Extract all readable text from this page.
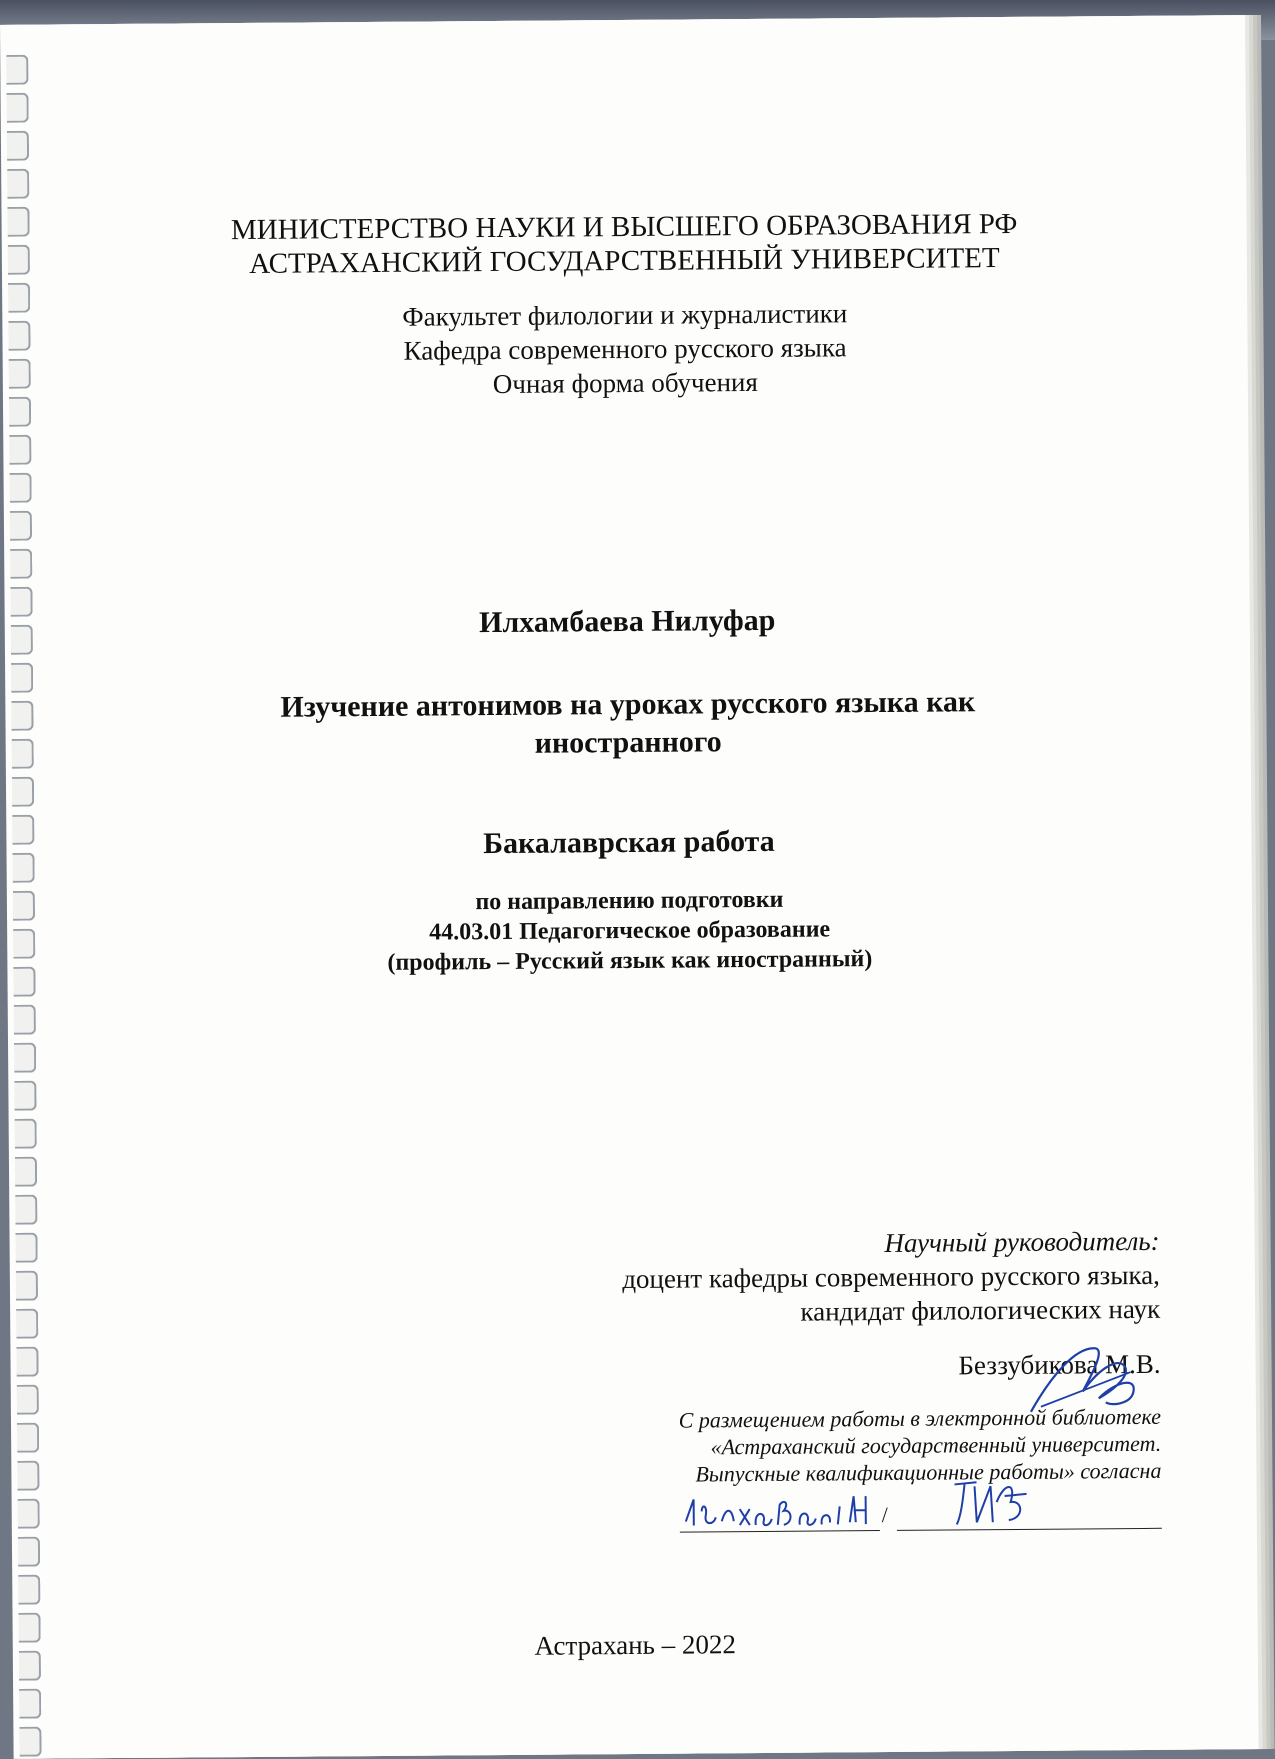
МИНИСТЕРСТВО НАУКИ И ВЫСШЕГО ОБРАЗОВАНИЯ РФ
АСТРАХАНСКИЙ ГОСУДАРСТВЕННЫЙ УНИВЕРСИТЕТ
Факультет филологии и журналистики
Кафедра современного русского языка
Очная форма обучения
Илхамбаева Нилуфар
Изучение антонимов на уроках русского языка как
иностранного
Бакалаврская работа
по направлению подготовки
44.03.01 Педагогическое образование
(профиль – Русский язык как иностранный)
Научный руководитель:
доцент кафедры современного русского языка,
кандидат филологических наук
Беззубикова М.В.
С размещением работы в электронной библиотеке
«Астраханский государственный университет.
Выпускные квалификационные работы» согласна
/
Астрахань – 2022
